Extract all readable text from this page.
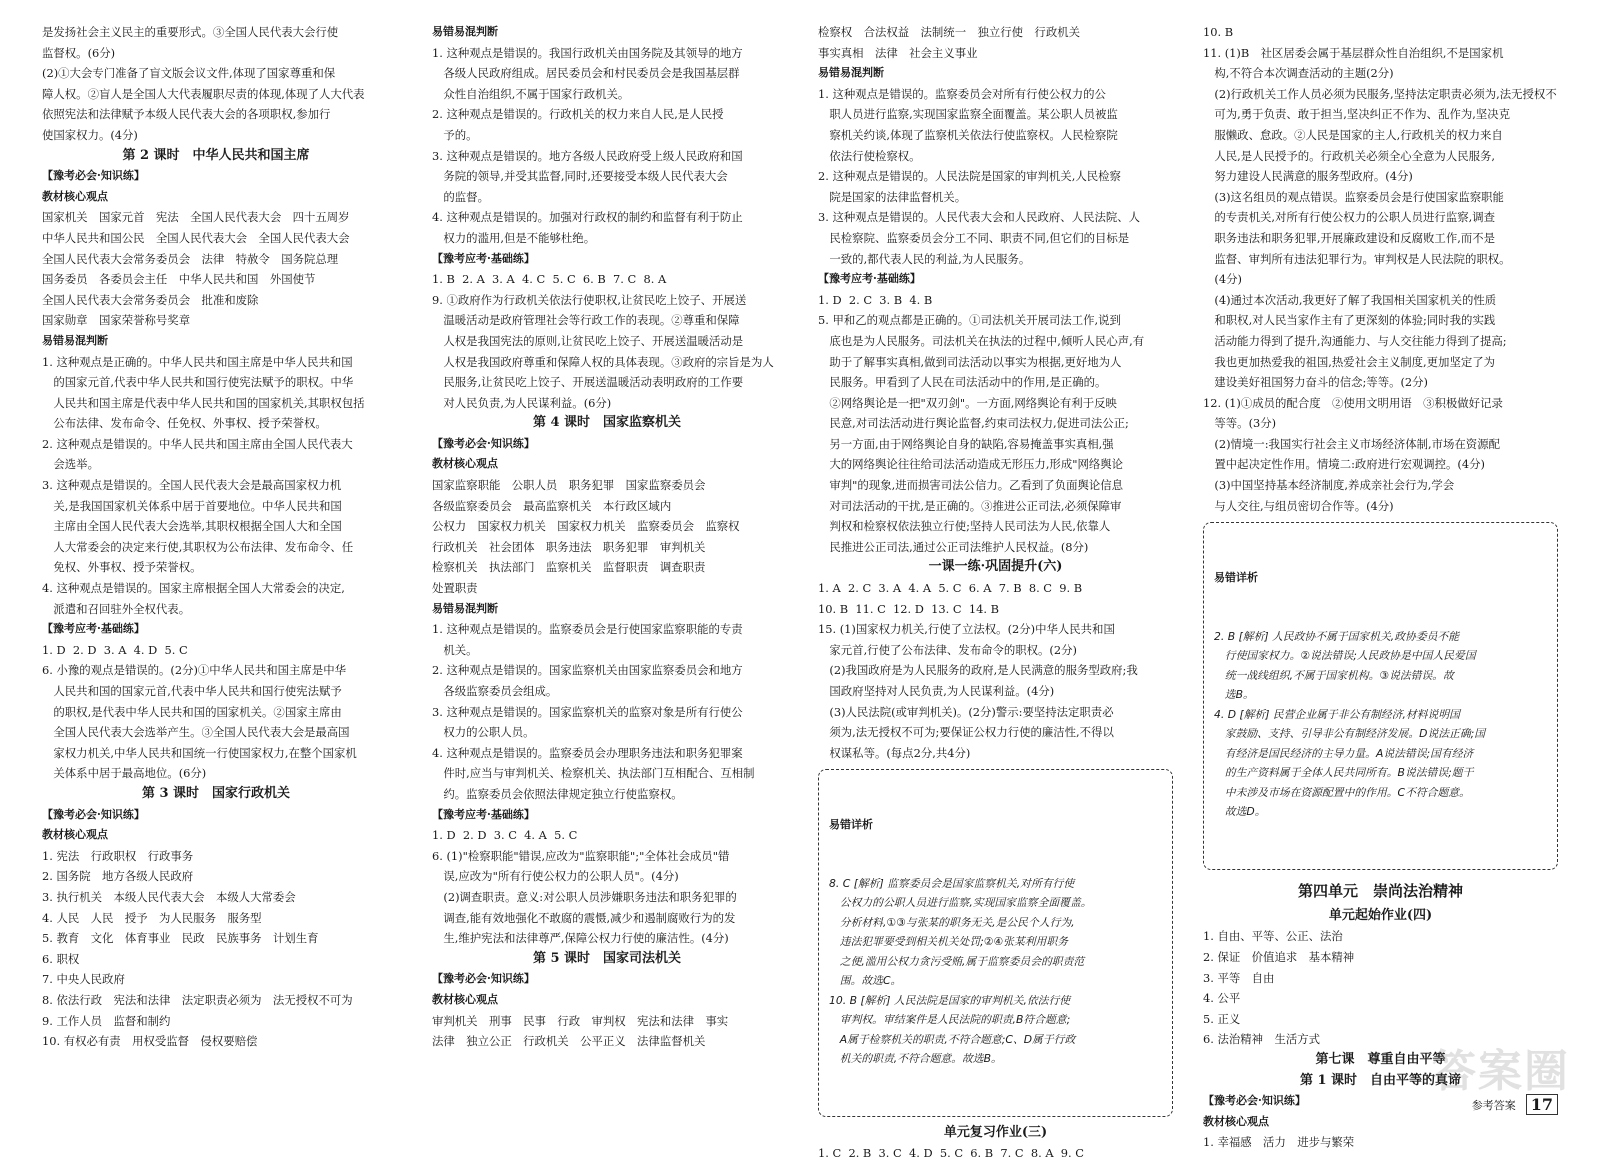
是发扬社会主义民主的重要形式。③全国人民代表大会行使
监督权。(6分)
(2)①大会专门准备了盲文版会议文件,体现了国家尊重和保
障人权。②盲人是全国人大代表履职尽责的体现,体现了人大代表
依照宪法和法律赋予本级人民代表大会的各项职权,参加行
使国家权力。(4分)
第 2 课时　中华人民共和国主席
【豫考必会·知识练】
教材核心观点
国家机关　国家元首　宪法　全国人民代表大会　四十五周岁
中华人民共和国公民　全国人民代表大会　全国人民代表大会
全国人民代表大会常务委员会　法律　特赦令　国务院总理
国务委员　各委员会主任　中华人民共和国　外国使节
全国人民代表大会常务委员会　批准和废除
国家勋章　国家荣誉称号奖章
易错易混判断
1. 这种观点是正确的。中华人民共和国主席是中华人民共和国
　的国家元首,代表中华人民共和国行使宪法赋予的职权。中华
　人民共和国主席是代表中华人民共和国的国家机关,其职权包括
　公布法律、发布命令、任免权、外事权、授予荣誉权。
2. 这种观点是错误的。中华人民共和国主席由全国人民代表大
　会选举。
3. 这种观点是错误的。全国人民代表大会是最高国家权力机
　关,是我国国家机关体系中居于首要地位。中华人民共和国
　主席由全国人民代表大会选举,其职权根据全国人大和全国
　人大常委会的决定来行使,其职权为公布法律、发布命令、任
　免权、外事权、授予荣誉权。
4. 这种观点是错误的。国家主席根据全国人大常委会的决定,
　派遣和召回驻外全权代表。
【豫考应考·基础练】
1. D  2. D  3. A  4. D  5. C
6. 小豫的观点是错误的。(2分)①中华人民共和国主席是中华
　人民共和国的国家元首,代表中华人民共和国行使宪法赋予
　的职权,是代表中华人民共和国的国家机关。②国家主席由
　全国人民代表大会选举产生。③全国人民代表大会是最高国
　家权力机关,中华人民共和国统一行使国家权力,在整个国家机
　关体系中居于最高地位。(6分)
第 3 课时　国家行政机关
【豫考必会·知识练】
教材核心观点
1. 宪法　行政职权　行政事务
2. 国务院　地方各级人民政府
3. 执行机关　本级人民代表大会　本级人大常委会
4. 人民　人民　授予　为人民服务　服务型
5. 教育　文化　体育事业　民政　民族事务　计划生育
6. 职权
7. 中央人民政府
8. 依法行政　宪法和法律　法定职责必须为　法无授权不可为
9. 工作人员　监督和制约
10. 有权必有责　用权受监督　侵权要赔偿
易错易混判断
1. 这种观点是错误的。我国行政机关由国务院及其领导的地方
　各级人民政府组成。居民委员会和村民委员会是我国基层群
　众性自治组织,不属于国家行政机关。
2. 这种观点是错误的。行政机关的权力来自人民,是人民授
　予的。
3. 这种观点是错误的。地方各级人民政府受上级人民政府和国
　务院的领导,并受其监督,同时,还要接受本级人民代表大会
　的监督。
4. 这种观点是错误的。加强对行政权的制约和监督有利于防止
　权力的滥用,但是不能够杜绝。
【豫考应考·基础练】
1. B  2. A  3. A  4. C  5. C  6. B  7. C  8. A
9. ①政府作为行政机关依法行使职权,让贫民吃上饺子、开展送
　温暖活动是政府管理社会等行政工作的表现。②尊重和保障
　人权是我国宪法的原则,让贫民吃上饺子、开展送温暖活动是
　人权是我国政府尊重和保障人权的具体表现。③政府的宗旨是为人
　民服务,让贫民吃上饺子、开展送温暖活动表明政府的工作要
　对人民负责,为人民谋利益。(6分)
第 4 课时　国家监察机关
【豫考必会·知识练】
教材核心观点
国家监察职能　公职人员　职务犯罪　国家监察委员会
各级监察委员会　最高监察机关　本行政区域内
公权力　国家权力机关　国家权力机关　监察委员会　监察权
行政机关　社会团体　职务违法　职务犯罪　审判机关
检察机关　执法部门　监察机关　监督职责　调查职责
处置职责
易错易混判断
1. 这种观点是错误的。监察委员会是行使国家监察职能的专责
　机关。
2. 这种观点是错误的。国家监察机关由国家监察委员会和地方
　各级监察委员会组成。
3. 这种观点是错误的。国家监察机关的监察对象是所有行使公
　权力的公职人员。
4. 这种观点是错误的。监察委员会办理职务违法和职务犯罪案
　件时,应当与审判机关、检察机关、执法部门互相配合、互相制
　约。监察委员会依照法律规定独立行使监察权。
【豫考应考·基础练】
1. D  2. D  3. C  4. A  5. C
6. (1)"检察职能"错误,应改为"监察职能";"全体社会成员"错
　误,应改为"所有行使公权力的公职人员"。(4分)
　(2)调查职责。意义:对公职人员涉嫌职务违法和职务犯罪的
　调查,能有效地强化不敢腐的震慑,减少和遏制腐败行为的发
　生,维护宪法和法律尊严,保障公权力行使的廉洁性。(4分)
第 5 课时　国家司法机关
【豫考必会·知识练】
教材核心观点
审判机关　刑事　民事　行政　审判权　宪法和法律　事实
法律　独立公正　行政机关　公平正义　法律监督机关
检察权　合法权益　法制统一　独立行使　行政机关
事实真相　法律　社会主义事业
易错易混判断
1. 这种观点是错误的。监察委员会对所有行使公权力的公
　职人员进行监察,实现国家监察全面覆盖。某公职人员被监
　察机关约谈,体现了监察机关依法行使监察权。人民检察院
　依法行使检察权。
2. 这种观点是错误的。人民法院是国家的审判机关,人民检察
　院是国家的法律监督机关。
3. 这种观点是错误的。人民代表大会和人民政府、人民法院、人
　民检察院、监察委员会分工不同、职责不同,但它们的目标是
　一致的,都代表人民的利益,为人民服务。
【豫考应考·基础练】
1. D  2. C  3. B  4. B
5. 甲和乙的观点都是正确的。①司法机关开展司法工作,说到
　底也是为人民服务。司法机关在执法的过程中,倾听人民心声,有
　助于了解事实真相,做到司法活动以事实为根据,更好地为人
　民服务。甲看到了人民在司法活动中的作用,是正确的。
　②网络舆论是一把"双刃剑"。一方面,网络舆论有利于反映
　民意,对司法活动进行舆论监督,约束司法权力,促进司法公正;
　另一方面,由于网络舆论自身的缺陷,容易掩盖事实真相,强
　大的网络舆论往往给司法活动造成无形压力,形成"网络舆论
　审判"的现象,进而损害司法公信力。乙看到了负面舆论信息
　对司法活动的干扰,是正确的。③推进公正司法,必须保障审
　判权和检察权依法独立行使;坚持人民司法为人民,依靠人
　民推进公正司法,通过公正司法维护人民权益。(8分)
一课一练·巩固提升(六)
1. A  2. C  3. A  4. A  5. C  6. A  7. B  8. C  9. B
10. B  11. C  12. D  13. C  14. B
15. (1)国家权力机关,行使了立法权。(2分)中华人民共和国
　家元首,行使了公布法律、发布命令的职权。(2分)
　(2)我国政府是为人民服务的政府,是人民满意的服务型政府;我
　国政府坚持对人民负责,为人民谋利益。(4分)
　(3)人民法院(或审判机关)。(2分)警示:要坚持法定职责必
　须为,法无授权不可为;要保证公权力行使的廉洁性,不得以
　权谋私等。(每点2分,共4分)

易错详析

8. C [解析] 监察委员会是国家监察机关,对所有行使
　公权力的公职人员进行监察,实现国家监察全面覆盖。
　分析材料,①③与张某的职务无关,是公民个人行为,
　违法犯罪要受到相关机关处罚;②④张某利用职务
　之便,滥用公权力贪污受贿,属于监察委员会的职责范
　围。故选C。
10. B [解析] 人民法院是国家的审判机关,依法行使
　审判权。审结案件是人民法院的职责,B符合题意;
　A属于检察机关的职责,不符合题意;C、D属于行政
　机关的职责,不符合题意。故选B。

单元复习作业(三)
1. C  2. B  3. C  4. D  5. C  6. B  7. C  8. A  9. C
10. B
11. (1)B　社区居委会属于基层群众性自治组织,不是国家机
　构,不符合本次调查活动的主题(2分)
　(2)行政机关工作人员必须为民服务,坚持法定职责必须为,法无授权不
　可为,勇于负责、敢于担当,坚决纠正不作为、乱作为,坚决克
　服懒政、怠政。②人民是国家的主人,行政机关的权力来自
　人民,是人民授予的。行政机关必须全心全意为人民服务,
　努力建设人民满意的服务型政府。(4分)
　(3)这名组员的观点错误。监察委员会是行使国家监察职能
　的专责机关,对所有行使公权力的公职人员进行监察,调查
　职务违法和职务犯罪,开展廉政建设和反腐败工作,而不是
　监督、审判所有违法犯罪行为。审判权是人民法院的职权。
　(4分)
　(4)通过本次活动,我更好了解了我国相关国家机关的性质
　和职权,对人民当家作主有了更深刻的体验;同时我的实践
　活动能力得到了提升,沟通能力、与人交往能力得到了提高;
　我也更加热爱我的祖国,热爱社会主义制度,更加坚定了为
　建设美好祖国努力奋斗的信念;等等。(2分)
12. (1)①成员的配合度　②使用文明用语　③积极做好记录
　等等。(3分)
　(2)情境一:我国实行社会主义市场经济体制,市场在资源配
　置中起决定性作用。情境二:政府进行宏观调控。(4分)
　(3)中国坚持基本经济制度,养成亲社会行为,学会
　与人交往,与组员密切合作等。(4分)

易错详析

2. B [解析] 人民政协不属于国家机关,政协委员不能
　行使国家权力。②说法错误;人民政协是中国人民爱国
　统一战线组织,不属于国家机构。③说法错误。故
　选B。
4. D [解析] 民营企业属于非公有制经济,材料说明国
　家鼓励、支持、引导非公有制经济发展。D说法正确;国
　有经济是国民经济的主导力量。A说法错误;国有经济
　的生产资料属于全体人民共同所有。B说法错误;题干
　中未涉及市场在资源配置中的作用。C不符合题意。
　故选D。

第四单元　崇尚法治精神
单元起始作业(四)
1. 自由、平等、公正、法治
2. 保证　价值追求　基本精神
3. 平等　自由
4. 公平
5. 正义
6. 法治精神　生活方式
第七课　尊重自由平等
第 1 课时　自由平等的真谛
【豫考必会·知识练】
教材核心观点
1. 幸福感　活力　进步与繁荣
答案圈
参考答案 17
